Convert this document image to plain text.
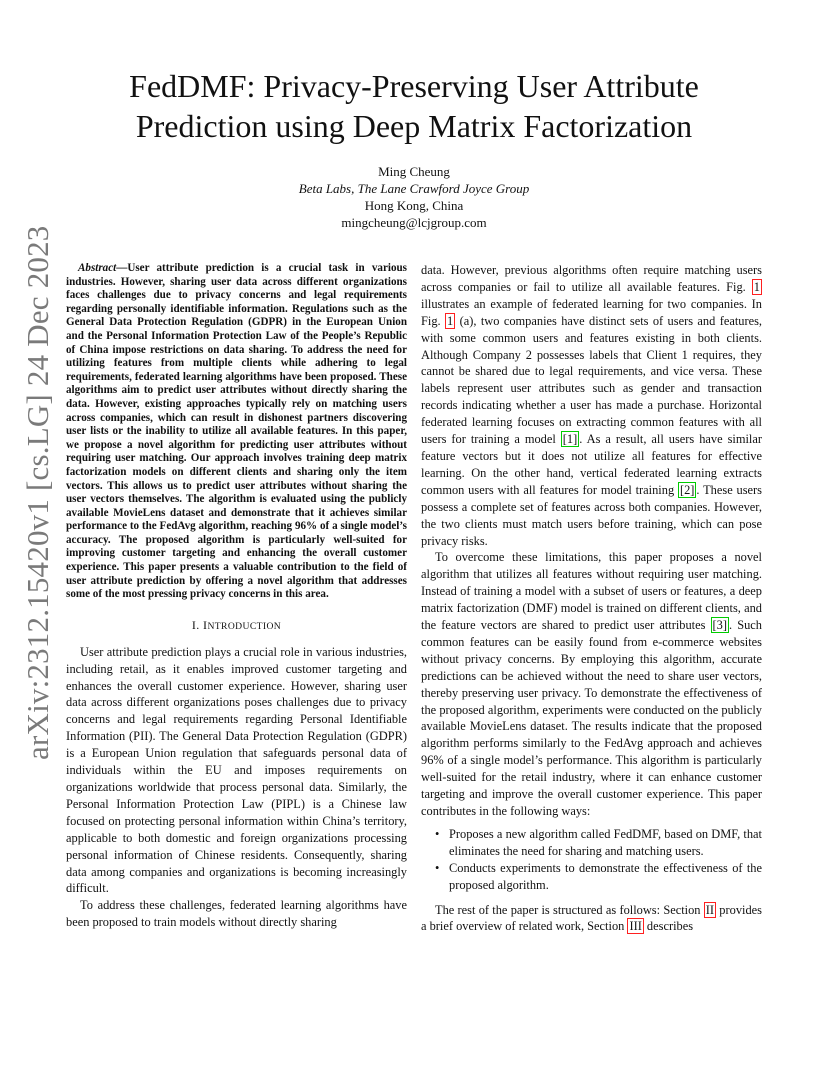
arXiv:2312.15420v1 [cs.LG] 24 Dec 2023
FedDMF: Privacy-Preserving User Attribute
Prediction using Deep Matrix Factorization
Ming Cheung
Beta Labs, The Lane Crawford Joyce Group
Hong Kong, China
mingcheung@lcjgroup.com

Abstract—User attribute prediction is a crucial task in various industries. However, sharing user data across different organizations faces challenges due to privacy concerns and legal requirements regarding personally identifiable information. Regulations such as the General Data Protection Regulation (GDPR) in the European Union and the Personal Information Protection Law of the People’s Republic of China impose restrictions on data sharing. To address the need for utilizing features from multiple clients while adhering to legal requirements, federated learning algorithms have been proposed. These algorithms aim to predict user attributes without directly sharing the data. However, existing approaches typically rely on matching users across companies, which can result in dishonest partners discovering user lists or the inability to utilize all available features. In this paper, we propose a novel algorithm for predicting user attributes without requiring user matching. Our approach involves training deep matrix factorization models on different clients and sharing only the item vectors. This allows us to predict user attributes without sharing the user vectors themselves. The algorithm is evaluated using the publicly available MovieLens dataset and demonstrate that it achieves similar performance to the FedAvg algorithm, reaching 96% of a single model’s accuracy. The proposed algorithm is particularly well-suited for improving customer targeting and enhancing the overall customer experience. This paper presents a valuable contribution to the field of user attribute prediction by offering a novel algorithm that addresses some of the most pressing privacy concerns in this area.

I. INTRODUCTION

User attribute prediction plays a crucial role in various industries, including retail, as it enables improved customer targeting and enhances the overall customer experience. However, sharing user data across different organizations poses challenges due to privacy concerns and legal requirements regarding Personal Identifiable Information (PII). The General Data Protection Regulation (GDPR) is a European Union regulation that safeguards personal data of individuals within the EU and imposes requirements on organizations worldwide that process personal data. Similarly, the Personal Information Protection Law (PIPL) is a Chinese law focused on protecting personal information within China’s territory, applicable to both domestic and foreign organizations processing personal information of Chinese residents. Consequently, sharing data among companies and organizations is becoming increasingly difficult.

To address these challenges, federated learning algorithms have been proposed to train models without directly sharing

data. However, previous algorithms often require matching users across companies or fail to utilize all available features. Fig. 1 illustrates an example of federated learning for two companies. In Fig. 1 (a), two companies have distinct sets of users and features, with some common users and features existing in both clients. Although Company 2 possesses labels that Client 1 requires, they cannot be shared due to legal requirements, and vice versa. These labels represent user attributes such as gender and transaction records indicating whether a user has made a purchase. Horizontal federated learning focuses on extracting common features with all users for training a model [1] . As a result, all users have similar feature vectors but it does not utilize all features for effective learning. On the other hand, vertical federated learning extracts common users with all features for model training [2] . These users possess a complete set of features across both companies. However, the two clients must match users before training, which can pose privacy risks.

To overcome these limitations, this paper proposes a novel algorithm that utilizes all features without requiring user matching. Instead of training a model with a subset of users or features, a deep matrix factorization (DMF) model is trained on different clients, and the feature vectors are shared to predict user attributes [3] . Such common features can be easily found from e-commerce websites without privacy concerns. By employing this algorithm, accurate predictions can be achieved without the need to share user vectors, thereby preserving user privacy. To demonstrate the effectiveness of the proposed algorithm, experiments were conducted on the publicly available MovieLens dataset. The results indicate that the proposed algorithm performs similarly to the FedAvg approach and achieves 96% of a single model’s performance. This algorithm is particularly well-suited for the retail industry, where it can enhance customer targeting and improve the overall customer experience. This paper contributes in the following ways:

• Proposes a new algorithm called FedDMF, based on DMF, that eliminates the need for sharing and matching users.
• Conducts experiments to demonstrate the effectiveness of the proposed algorithm.

The rest of the paper is structured as follows: Section II provides a brief overview of related work, Section III describes
